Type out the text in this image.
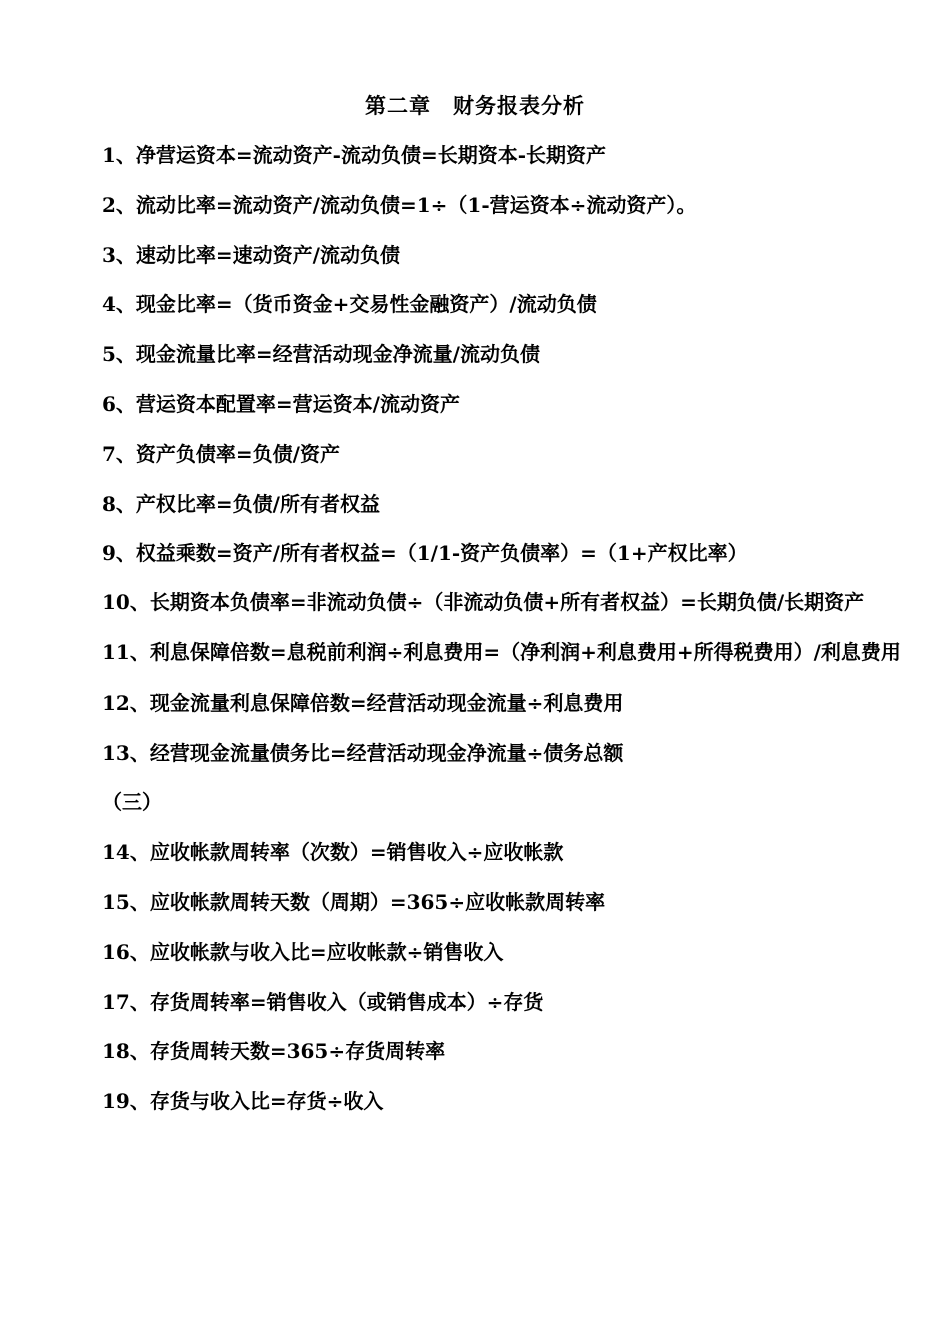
第二章　财务报表分析
1、净营运资本=流动资产-流动负债=长期资本-长期资产
2、流动比率=流动资产/流动负债=1÷（1-营运资本÷流动资产）。
3、速动比率=速动资产/流动负债
4、现金比率=（货币资金+交易性金融资产）/流动负债
5、现金流量比率=经营活动现金净流量/流动负债
6、营运资本配置率=营运资本/流动资产
7、资产负债率=负债/资产
8、产权比率=负债/所有者权益
9、权益乘数=资产/所有者权益=（1/1-资产负债率）=（1+产权比率）
10、长期资本负债率=非流动负债÷（非流动负债+所有者权益）=长期负债/长期资产
11、利息保障倍数=息税前利润÷利息费用=（净利润+利息费用+所得税费用）/利息费用
12、现金流量利息保障倍数=经营活动现金流量÷利息费用
13、经营现金流量债务比=经营活动现金净流量÷债务总额
（三）
14、应收帐款周转率（次数）=销售收入÷应收帐款
15、应收帐款周转天数（周期）=365÷应收帐款周转率
16、应收帐款与收入比=应收帐款÷销售收入
17、存货周转率=销售收入（或销售成本）÷存货
18、存货周转天数=365÷存货周转率
19、存货与收入比=存货÷收入
